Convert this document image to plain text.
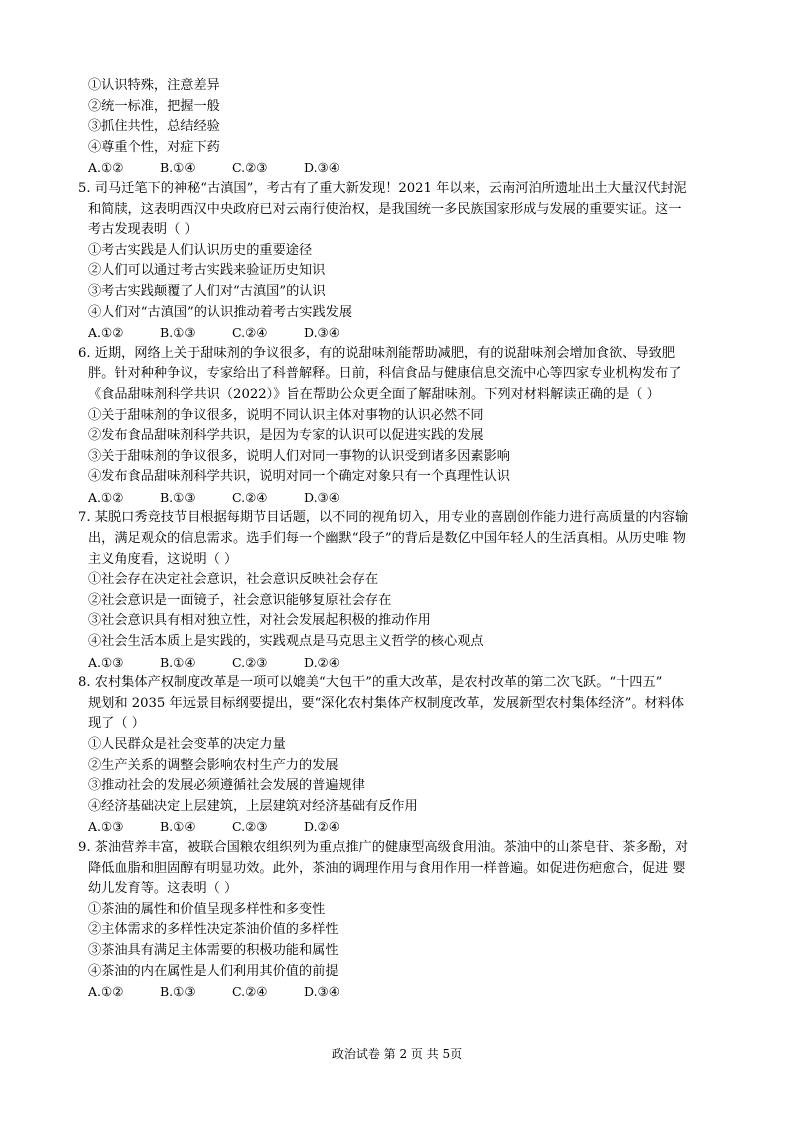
①认识特殊，注意差异
②统一标准，把握一般
③抓住共性，总结经验
④尊重个性，对症下药
A.①②	B.①④	C.②③	D.③④
5. 司马迁笔下的神秘“古滇国”，考古有了重大新发现！2021 年以来，云南河泊所遗址出土大量汉代封泥
和简牍，这表明西汉中央政府已对云南行使治权，是我国统一多民族国家形成与发展的重要实证。这一
考古发现表明（ ）
①考古实践是人们认识历史的重要途径
②人们可以通过考古实践来验证历史知识
③考古实践颠覆了人们对“古滇国”的认识
④人们对“古滇国”的认识推动着考古实践发展
A.①②	B.①③	C.②④	D.③④
6. 近期，网络上关于甜味剂的争议很多，有的说甜味剂能帮助减肥，有的说甜味剂会增加食欲、导致肥
胖。针对种种争议，专家给出了科普解释。日前，科信食品与健康信息交流中心等四家专业机构发布了
《食品甜味剂科学共识（2022）》旨在帮助公众更全面了解甜味剂。下列对材料解读正确的是（ ）
①关于甜味剂的争议很多，说明不同认识主体对事物的认识必然不同
②发布食品甜味剂科学共识，是因为专家的认识可以促进实践的发展
③关于甜味剂的争议很多，说明人们对同一事物的认识受到诸多因素影响
④发布食品甜味剂科学共识，说明对同一个确定对象只有一个真理性认识
A.①②	B.①③	C.②④	D.③④
7. 某脱口秀竞技节目根据每期节目话题，以不同的视角切入，用专业的喜剧创作能力进行高质量的内容输
出，满足观众的信息需求。选手们每一个幽默“段子”的背后是数亿中国年轻人的生活真相。从历史唯 物
主义角度看，这说明（ ）
①社会存在决定社会意识，社会意识反映社会存在
②社会意识是一面镜子，社会意识能够复原社会存在
③社会意识具有相对独立性，对社会发展起积极的推动作用
④社会生活本质上是实践的，实践观点是马克思主义哲学的核心观点
A.①③	B.①④	C.②③	D.②④
8. 农村集体产权制度改革是一项可以媲美“大包干”的重大改革，是农村改革的第二次飞跃。“十四五”
规划和 2035 年远景目标纲要提出，要“深化农村集体产权制度改革，发展新型农村集体经济”。材料体
现了（ ）
①人民群众是社会变革的决定力量
②生产关系的调整会影响农村生产力的发展
③推动社会的发展必须遵循社会发展的普遍规律
④经济基础决定上层建筑，上层建筑对经济基础有反作用
A.①③	B.①④	C.②③	D.②④
9. 茶油营养丰富，被联合国粮农组织列为重点推广的健康型高级食用油。茶油中的山茶皂苷、茶多酚，对
降低血脂和胆固醇有明显功效。此外，茶油的调理作用与食用作用一样普遍。如促进伤疤愈合，促进 婴
幼儿发育等。这表明（ ）
①茶油的属性和价值呈现多样性和多变性
②主体需求的多样性决定茶油价值的多样性
③茶油具有满足主体需要的积极功能和属性
④茶油的内在属性是人们利用其价值的前提
A.①②	B.①③	C.②④	D.③④
政治试卷 第 2 页 共 5页
